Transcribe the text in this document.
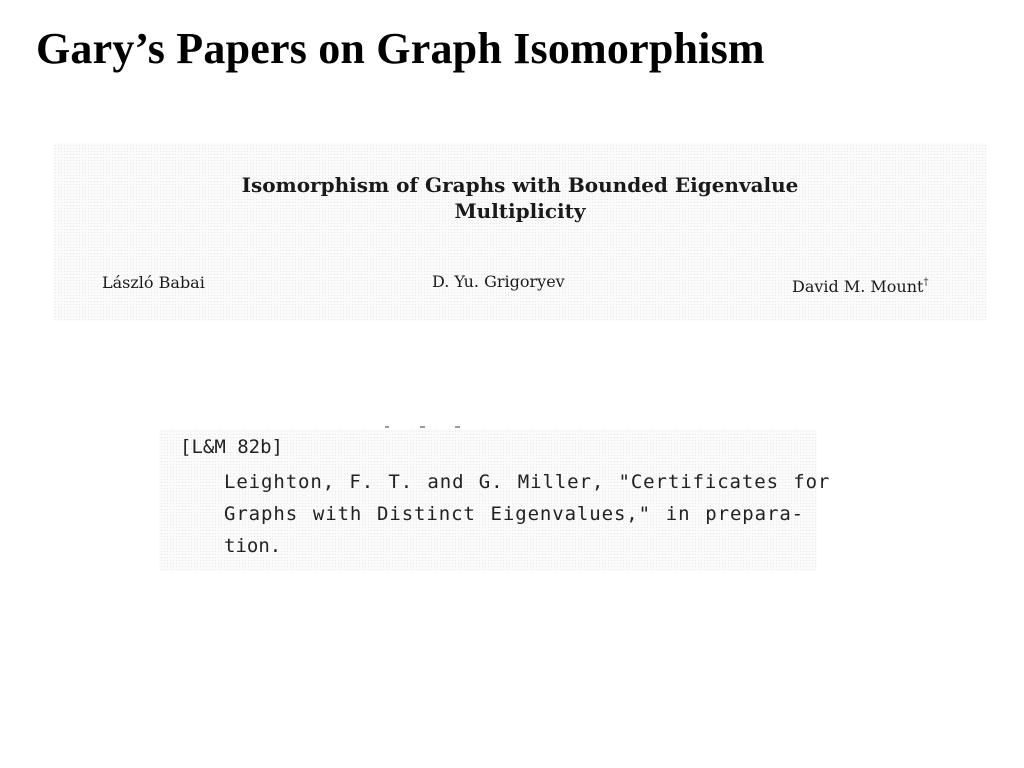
Gary’s Papers on Graph Isomorphism
Isomorphism of Graphs with Bounded Eigenvalue
Multiplicity
László Babai	D. Yu. Grigoryev	David M. Mount†
[L&M 82b]
Leighton, F. T. and G. Miller, "Certificates for
Graphs with Distinct Eigenvalues," in prepara-
tion.
